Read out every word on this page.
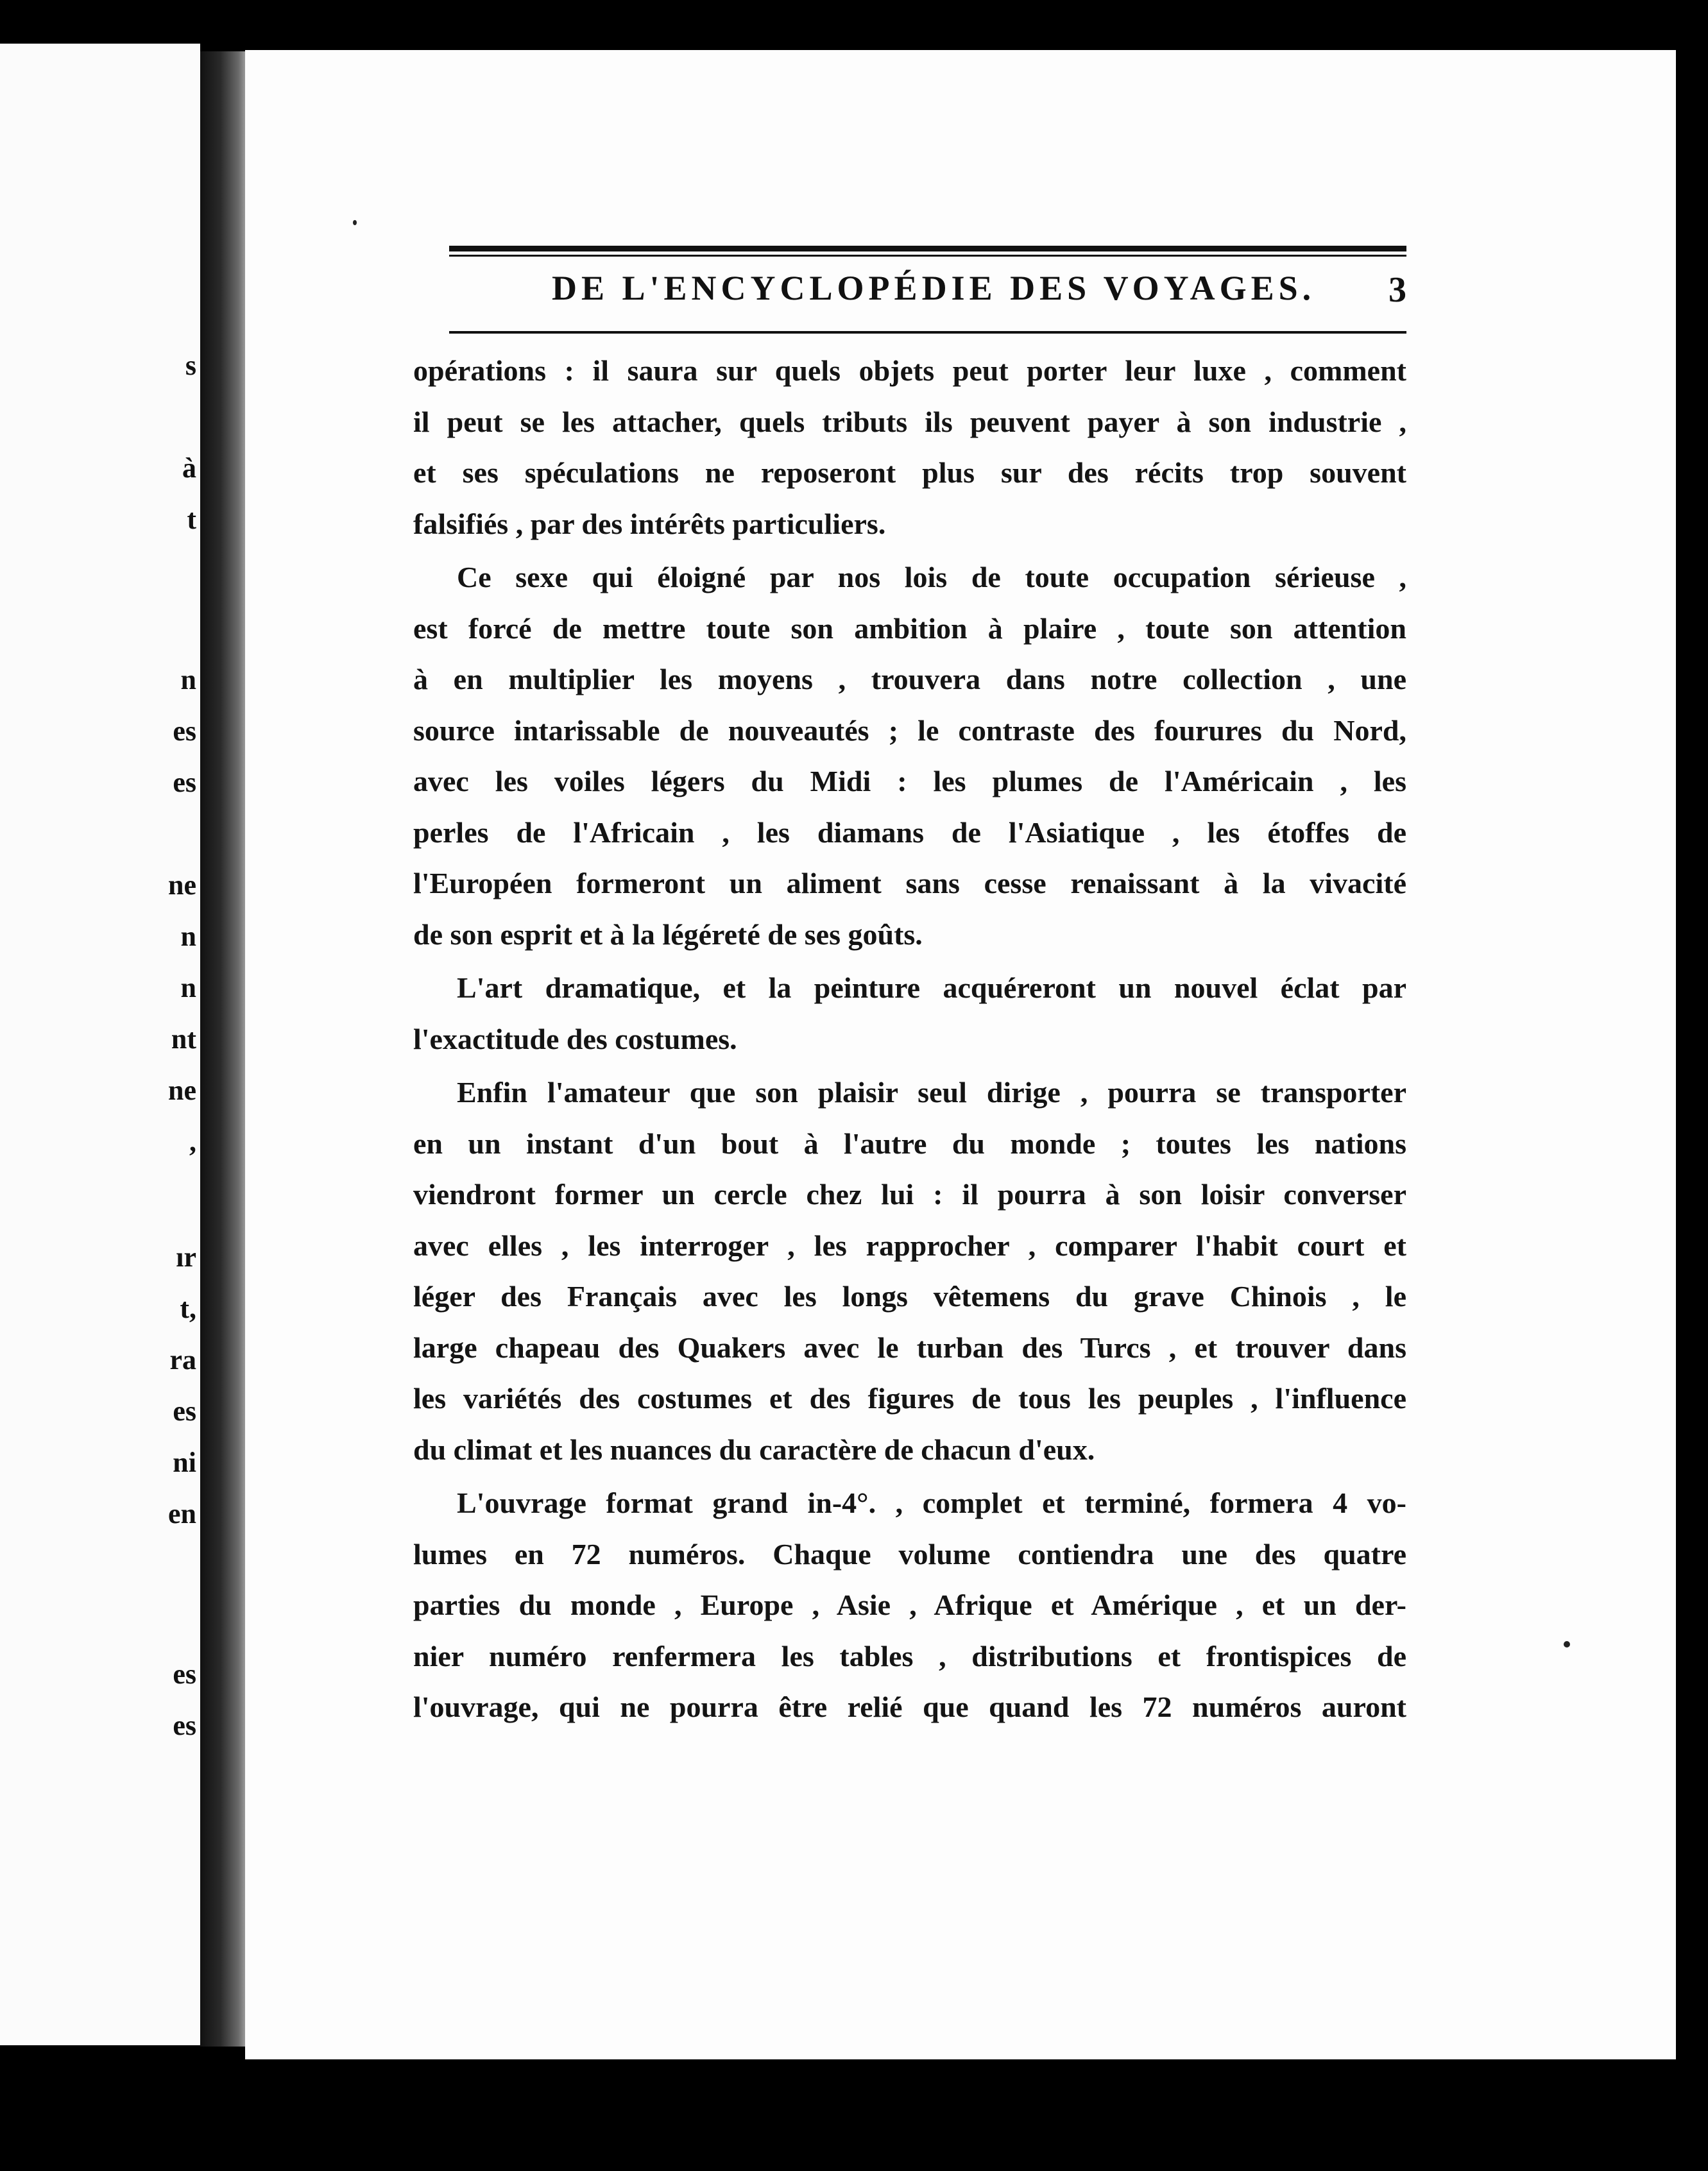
s
à
t
n
es
es
ne
n
n
nt
ne
,
ır
t,
ra
es
ni
en
es
es
DE L'ENCYCLOPÉDIE DES VOYAGES. 3
opérations : il saura sur quels objets peut porter leur luxe , comment
il peut se les attacher, quels tributs ils peuvent payer à son industrie ,
et ses spéculations ne reposeront plus sur des récits trop souvent
falsifiés , par des intérêts particuliers.
Ce sexe qui éloigné par nos lois de toute occupation sérieuse ,
est forcé de mettre toute son ambition à plaire , toute son attention
à en multiplier les moyens , trouvera dans notre collection , une
source intarissable de nouveautés ; le contraste des fourures du Nord,
avec les voiles légers du Midi : les plumes de l'Américain , les
perles de l'Africain , les diamans de l'Asiatique , les étoffes de
l'Européen formeront un aliment sans cesse renaissant à la vivacité
de son esprit et à la légéreté de ses goûts.
L'art dramatique, et la peinture acquéreront un nouvel éclat par
l'exactitude des costumes.
Enfin l'amateur que son plaisir seul dirige , pourra se transporter
en un instant d'un bout à l'autre du monde ; toutes les nations
viendront former un cercle chez lui : il pourra à son loisir converser
avec elles , les interroger , les rapprocher , comparer l'habit court et
léger des Français avec les longs vêtemens du grave Chinois , le
large chapeau des Quakers avec le turban des Turcs , et trouver dans
les variétés des costumes et des figures de tous les peuples , l'influence
du climat et les nuances du caractère de chacun d'eux.
L'ouvrage format grand in-4°. , complet et terminé, formera 4 vo-
lumes en 72 numéros. Chaque volume contiendra une des quatre
parties du monde , Europe , Asie , Afrique et Amérique , et un der-
nier numéro renfermera les tables , distributions et frontispices de
l'ouvrage, qui ne pourra être relié que quand les 72 numéros auront
